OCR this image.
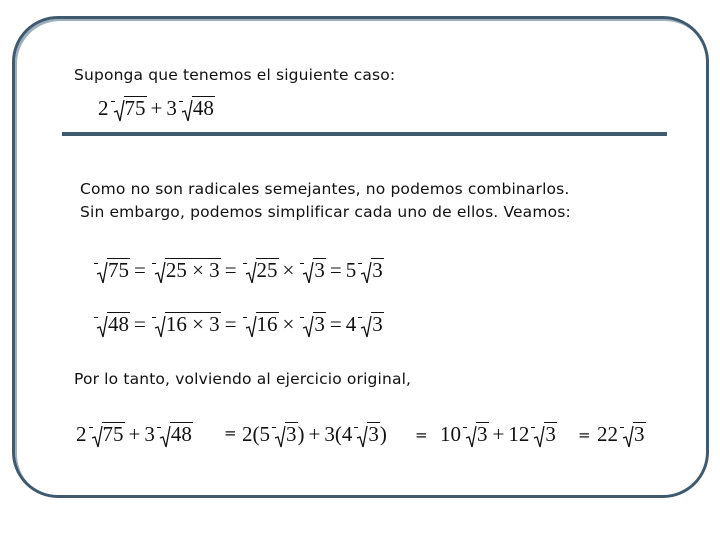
Suponga que tenemos el siguiente caso:
2 75 + 3 48
Como no son radicales semejantes, no podemos combinarlos.
Sin embargo, podemos simplificar cada uno de ellos. Veamos:
75 = 25 × 3 = 25 × 3 = 5 3
48 = 16 × 3 = 16 × 3 = 4 3
Por lo tanto, volviendo al ejercicio original,
2 75 + 3 48 = 2(5 3) + 3(4 3) = 10 3 + 12 3 = 22 3
